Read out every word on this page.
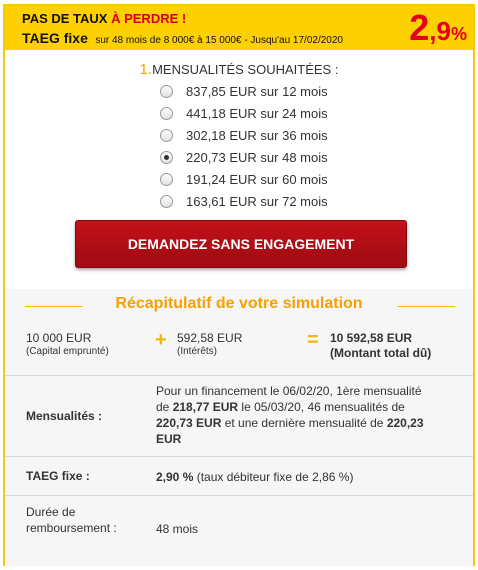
PAS DE TAUX À PERDRE !
TAEG fixe sur 48 mois de 8 000€ à 15 000€ - Jusqu'au 17/02/2020 2,9%
1.MENSUALITÉS SOUHAITÉES :
837,85 EUR sur 12 mois
441,18 EUR sur 24 mois
302,18 EUR sur 36 mois
220,73 EUR sur 48 mois
191,24 EUR sur 60 mois
163,61 EUR sur 72 mois
DEMANDEZ SANS ENGAGEMENT
Récapitulatif de votre simulation
10 000 EUR
(Capital emprunté)
+ 592,58 EUR
(Intérêts)
= 10 592,58 EUR
(Montant total dû)
Mensualités :
Pour un financement le 06/02/20, 1ère mensualité de 218,77 EUR le 05/03/20, 46 mensualités de 220,73 EUR et une dernière mensualité de 220,23 EUR
TAEG fixe :	2,90 % (taux débiteur fixe de 2,86 %)
Durée de
remboursement :	48 mois
